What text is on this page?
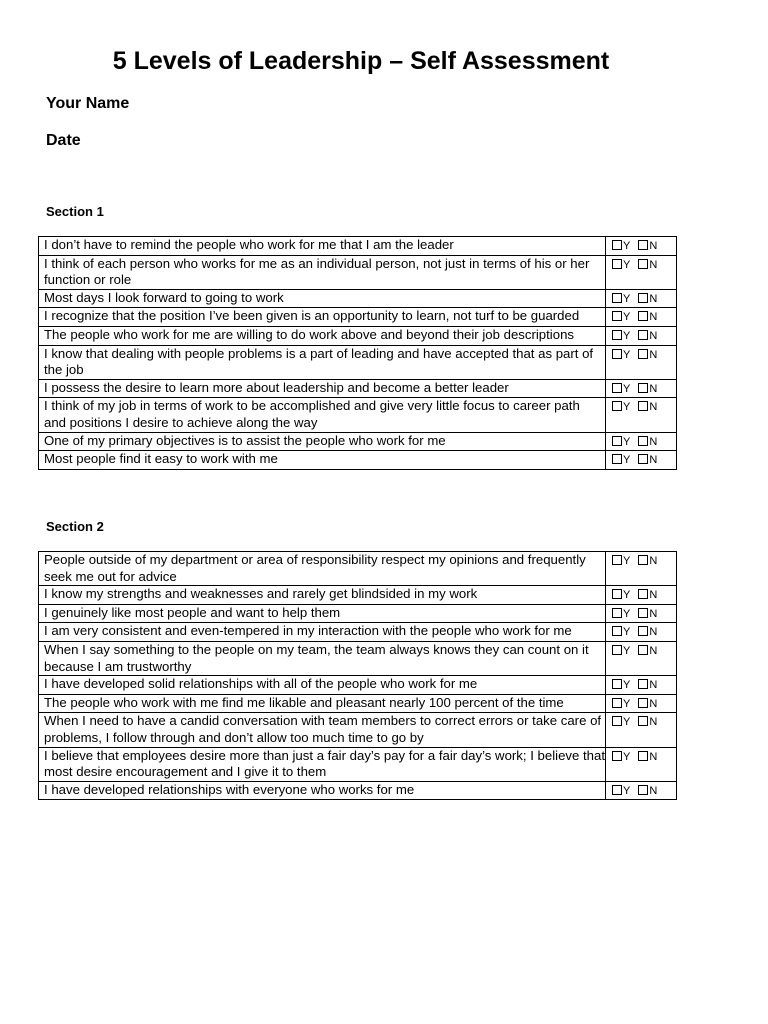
5 Levels of Leadership – Self Assessment
Your Name
Date
Section 1
I don’t have to remind the people who work for me that I am the leader	Y N
I think of each person who works for me as an individual person, not just in terms of his or her function or role	Y N
Most days I look forward to going to work	Y N
I recognize that the position I’ve been given is an opportunity to learn, not turf to be guarded	Y N
The people who work for me are willing to do work above and beyond their job descriptions	Y N
I know that dealing with people problems is a part of leading and have accepted that as part of the job	Y N
I possess the desire to learn more about leadership and become a better leader	Y N
I think of my job in terms of work to be accomplished and give very little focus to career path and positions I desire to achieve along the way	Y N
One of my primary objectives is to assist the people who work for me	Y N
Most people find it easy to work with me	Y N
Section 2
People outside of my department or area of responsibility respect my opinions and frequently seek me out for advice	Y N
I know my strengths and weaknesses and rarely get blindsided in my work	Y N
I genuinely like most people and want to help them	Y N
I am very consistent and even-tempered in my interaction with the people who work for me	Y N
When I say something to the people on my team, the team always knows they can count on it because I am trustworthy	Y N
I have developed solid relationships with all of the people who work for me	Y N
The people who work with me find me likable and pleasant nearly 100 percent of the time	Y N
When I need to have a candid conversation with team members to correct errors or take care of problems, I follow through and don’t allow too much time to go by	Y N
I believe that employees desire more than just a fair day’s pay for a fair day’s work; I believe that most desire encouragement and I give it to them	Y N
I have developed relationships with everyone who works for me	Y N
